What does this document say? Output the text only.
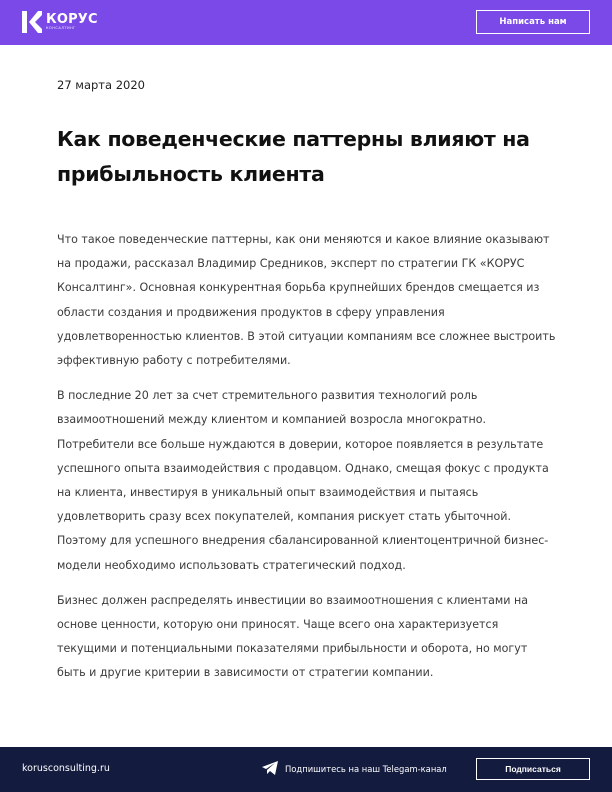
КОРУС
КОНСАЛТИНГ
Написать нам
27 марта 2020
Как поведенческие паттерны влияют на прибыльность клиента

Что такое поведенческие паттерны, как они меняются и какое влияние оказывают на продажи, рассказал Владимир Средников, эксперт по стратегии ГК «КОРУС Консалтинг». Основная конкурентная борьба крупнейших брендов смещается из области создания и продвижения продуктов в сферу управления удовлетворенностью клиентов. В этой ситуации компаниям все сложнее выстроить эффективную работу с потребителями.

В последние 20 лет за счет стремительного развития технологий роль взаимоотношений между клиентом и компанией возросла многократно. Потребители все больше нуждаются в доверии, которое появляется в результате успешного опыта взаимодействия с продавцом. Однако, смещая фокус с продукта на клиента, инвестируя в уникальный опыт взаимодействия и пытаясь удовлетворить сразу всех покупателей, компания рискует стать убыточной. Поэтому для успешного внедрения сбалансированной клиентоцентричной бизнес-модели необходимо использовать стратегический подход.

Бизнес должен распределять инвестиции во взаимоотношения с клиентами на основе ценности, которую они приносят. Чаще всего она характеризуется текущими и потенциальными показателями прибыльности и оборота, но могут быть и другие критерии в зависимости от стратегии компании.

korusconsulting.ru	Подпишитесь на наш Telegam-канал	Подписаться
